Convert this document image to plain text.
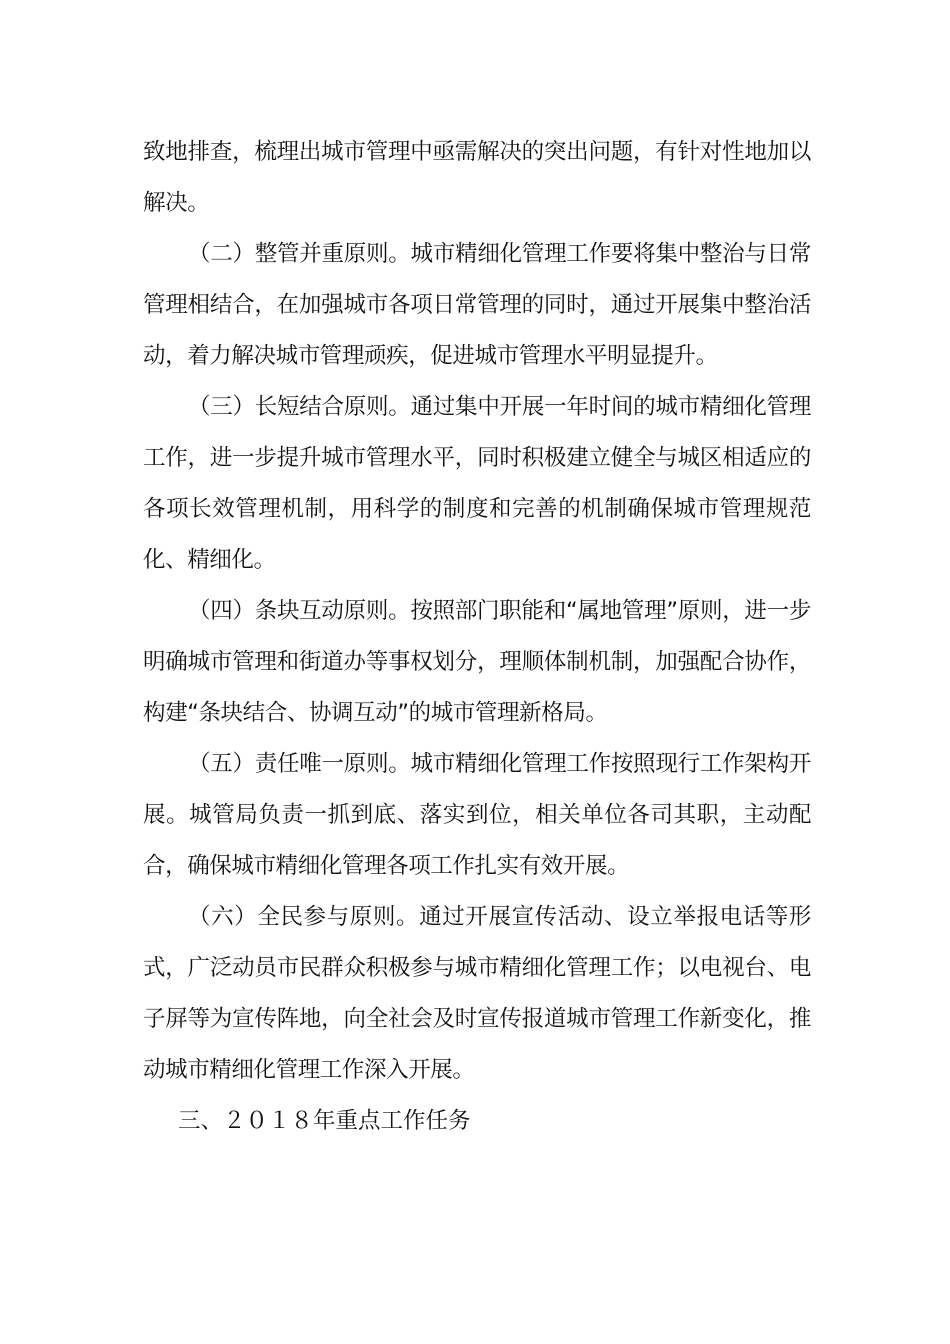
致地排查，梳理出城市管理中亟需解决的突出问题，有针对性地加以解决。

（二）整管并重原则。城市精细化管理工作要将集中整治与日常管理相结合，在加强城市各项日常管理的同时，通过开展集中整治活动，着力解决城市管理顽疾，促进城市管理水平明显提升。

（三）长短结合原则。通过集中开展一年时间的城市精细化管理工作，进一步提升城市管理水平，同时积极建立健全与城区相适应的各项长效管理机制，用科学的制度和完善的机制确保城市管理规范化、精细化。

（四）条块互动原则。按照部门职能和“属地管理”原则，进一步明确城市管理和街道办等事权划分，理顺体制机制，加强配合协作，构建“条块结合、协调互动”的城市管理新格局。

（五）责任唯一原则。城市精细化管理工作按照现行工作架构开展。城管局负责一抓到底、落实到位，相关单位各司其职，主动配合，确保城市精细化管理各项工作扎实有效开展。

（六）全民参与原则。通过开展宣传活动、设立举报电话等形式，广泛动员市民群众积极参与城市精细化管理工作；以电视台、电子屏等为宣传阵地，向全社会及时宣传报道城市管理工作新变化，推动城市精细化管理工作深入开展。

三、２０１８年重点工作任务
